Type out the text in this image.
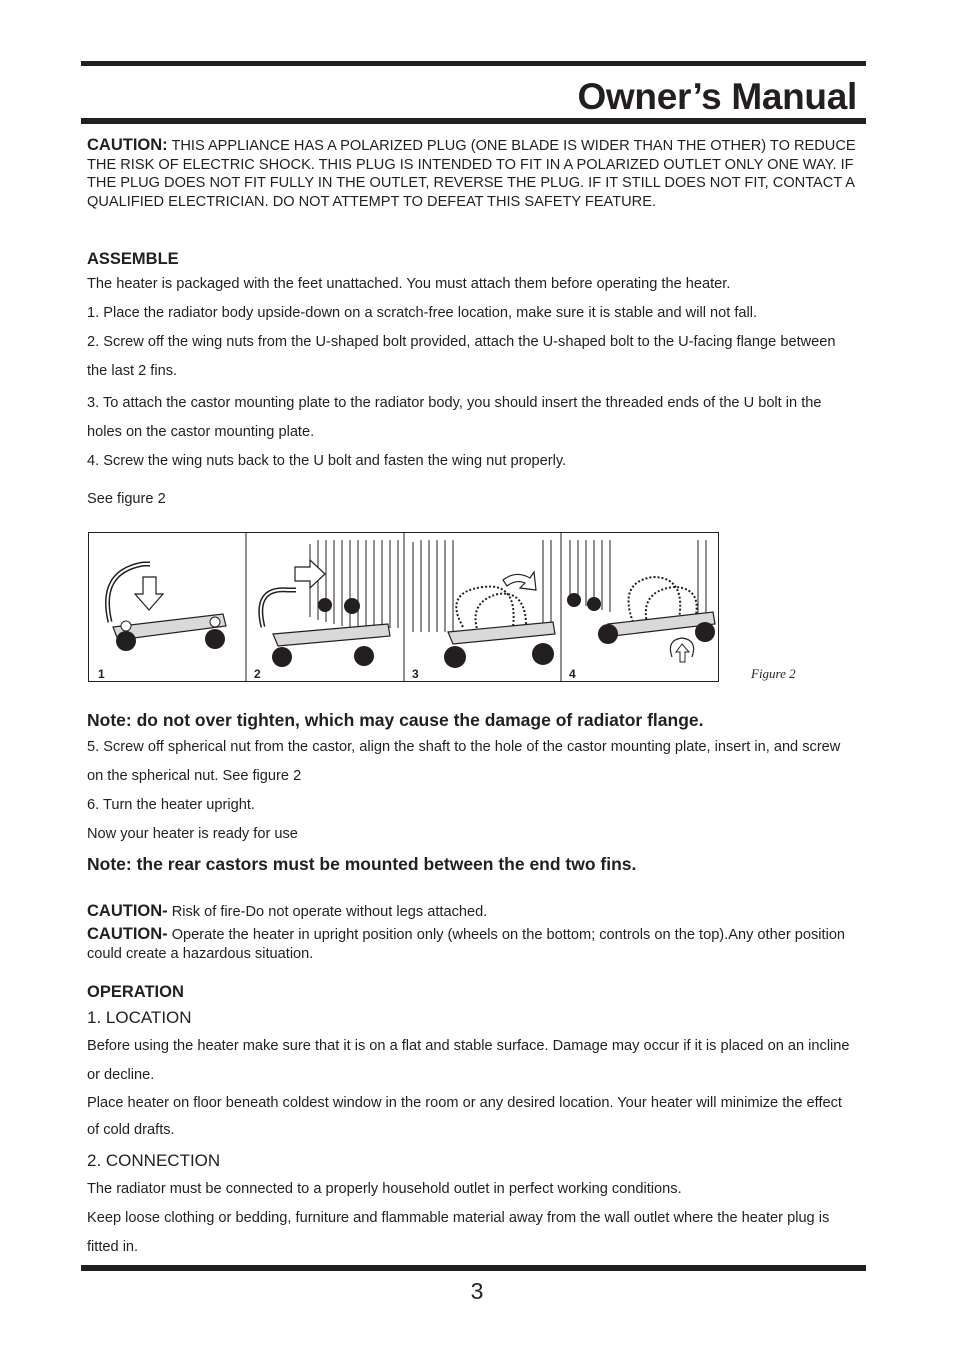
Owner’s Manual

CAUTION: THIS APPLIANCE HAS A POLARIZED PLUG (ONE BLADE IS WIDER THAN THE OTHER) TO REDUCE THE RISK OF ELECTRIC SHOCK. THIS PLUG IS INTENDED TO FIT IN A POLARIZED OUTLET ONLY ONE WAY. IF THE PLUG DOES NOT FIT FULLY IN THE OUTLET, REVERSE THE PLUG. IF IT STILL DOES NOT FIT, CONTACT A QUALIFIED ELECTRICIAN. DO NOT ATTEMPT TO DEFEAT THIS SAFETY FEATURE.

ASSEMBLE
The heater is packaged with the feet unattached. You must attach them before operating the heater.
1. Place the radiator body upside-down on a scratch-free location, make sure it is stable and will not fall.
2. Screw off the wing nuts from the U-shaped bolt provided, attach the U-shaped bolt to the U-facing flange between the last 2 fins.
3. To attach the castor mounting plate to the radiator body, you should insert the threaded ends of the U bolt in the holes on the castor mounting plate.
4. Screw the wing nuts back to the U bolt and fasten the wing nut properly.
See figure 2
1	2	3	4	Figure 2
Note: do not over tighten, which may cause the damage of radiator flange.
5. Screw off spherical nut from the castor, align the shaft to the hole of the castor mounting plate, insert in, and screw on the spherical nut. See figure 2
6. Turn the heater upright.
Now your heater is ready for use
Note: the rear castors must be mounted between the end two fins.

CAUTION- Risk of fire-Do not operate without legs attached.

CAUTION- Operate the heater in upright position only (wheels on the bottom; controls on the top).Any other position could create a hazardous situation.

OPERATION
1. LOCATION
Before using the heater make sure that it is on a flat and stable surface. Damage may occur if it is placed on an incline or decline.
Place heater on floor beneath coldest window in the room or any desired location. Your heater will minimize the effect of cold drafts.
2. CONNECTION
The radiator must be connected to a properly household outlet in perfect working conditions.
Keep loose clothing or bedding, furniture and flammable material away from the wall outlet where the heater plug is fitted in.
3
